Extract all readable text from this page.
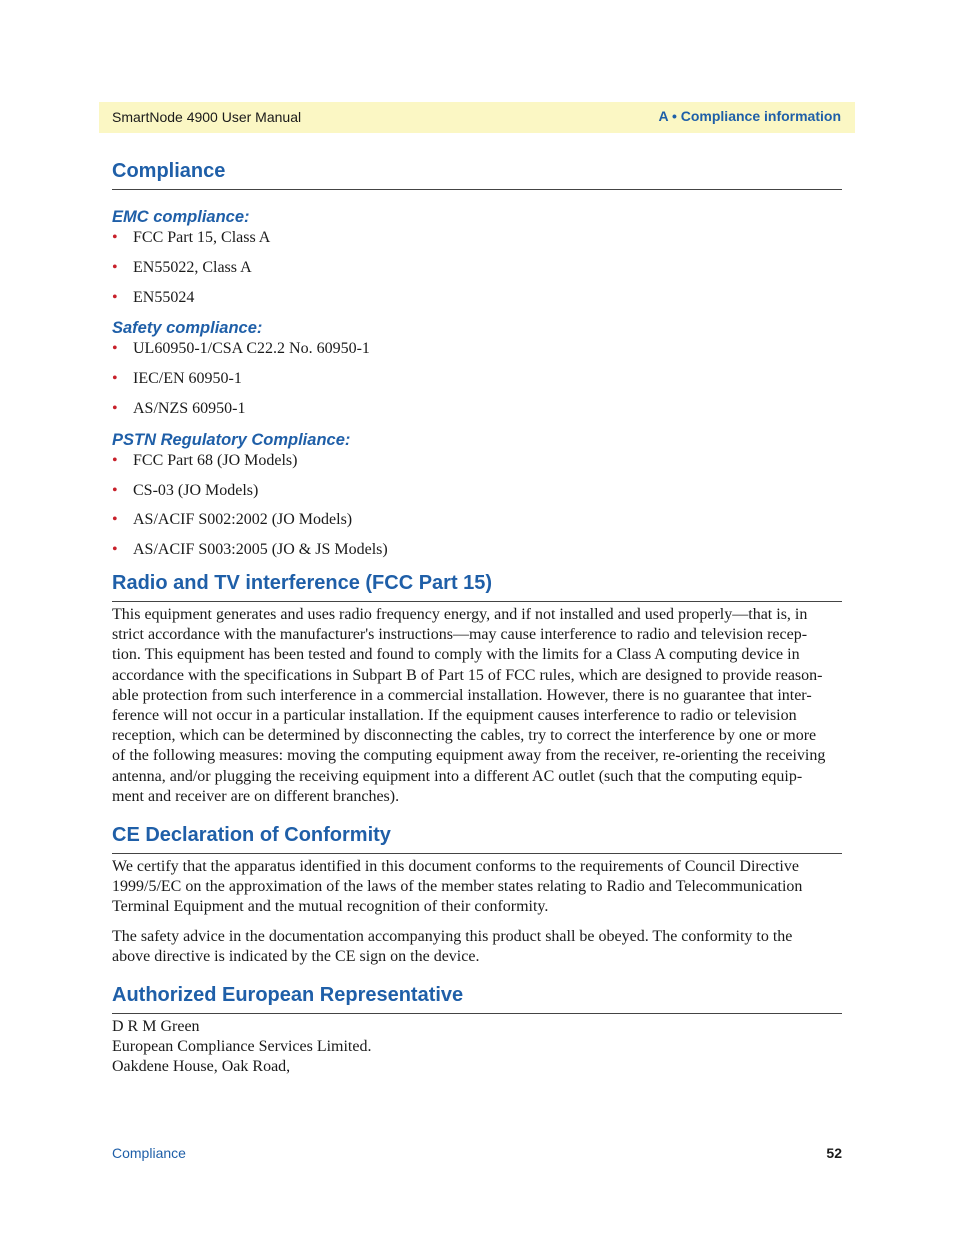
SmartNode 4900 User Manual	A • Compliance information
Compliance
EMC compliance:
• FCC Part 15, Class A
• EN55022, Class A
• EN55024
Safety compliance:
• UL60950-1/CSA C22.2 No. 60950-1
• IEC/EN 60950-1
• AS/NZS 60950-1
PSTN Regulatory Compliance:
• FCC Part 68 (JO Models)
• CS-03 (JO Models)
• AS/ACIF S002:2002 (JO Models)
• AS/ACIF S003:2005 (JO & JS Models)
Radio and TV interference (FCC Part 15)

This equipment generates and uses radio frequency energy, and if not installed and used properly—that is, in
strict accordance with the manufacturer's instructions—may cause interference to radio and television recep-
tion. This equipment has been tested and found to comply with the limits for a Class A computing device in
accordance with the specifications in Subpart B of Part 15 of FCC rules, which are designed to provide reason-
able protection from such interference in a commercial installation. However, there is no guarantee that inter-
ference will not occur in a particular installation. If the equipment causes interference to radio or television
reception, which can be determined by disconnecting the cables, try to correct the interference by one or more
of the following measures: moving the computing equipment away from the receiver, re-orienting the receiving
antenna, and/or plugging the receiving equipment into a different AC outlet (such that the computing equip-
ment and receiver are on different branches).

CE Declaration of Conformity

We certify that the apparatus identified in this document conforms to the requirements of Council Directive
1999/5/EC on the approximation of the laws of the member states relating to Radio and Telecommunication
Terminal Equipment and the mutual recognition of their conformity.

The safety advice in the documentation accompanying this product shall be obeyed. The conformity to the
above directive is indicated by the CE sign on the device.

Authorized European Representative

D R M Green
European Compliance Services Limited.
Oakdene House, Oak Road,

Compliance	52
